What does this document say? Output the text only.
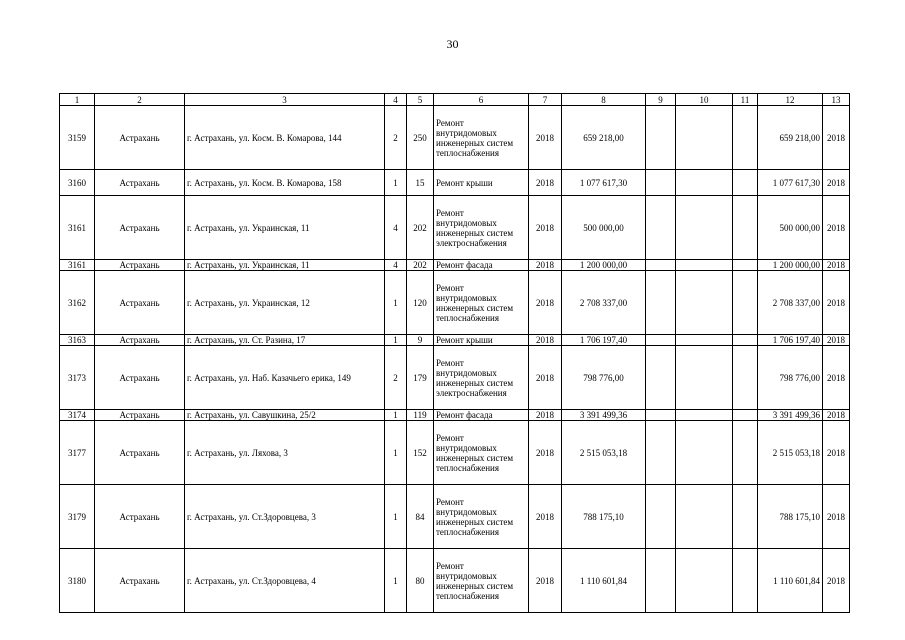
30
1	2	3	4	5	6	7	8	9	10	11	12	13
3159	Астрахань	г. Астрахань, ул. Косм. В. Комарова, 144	2	250	Ремонт внутридомовых инженерных систем теплоснабжения	2018	659 218,00				659 218,00	2018
3160	Астрахань	г. Астрахань, ул. Косм. В. Комарова, 158	1	15	Ремонт крыши	2018	1 077 617,30				1 077 617,30	2018
3161	Астрахань	г. Астрахань, ул. Украинская, 11	4	202	Ремонт внутридомовых инженерных систем электроснабжения	2018	500 000,00				500 000,00	2018
3161	Астрахань	г. Астрахань, ул. Украинская, 11	4	202	Ремонт фасада	2018	1 200 000,00				1 200 000,00	2018
3162	Астрахань	г. Астрахань, ул. Украинская, 12	1	120	Ремонт внутридомовых инженерных систем теплоснабжения	2018	2 708 337,00				2 708 337,00	2018
3163	Астрахань	г. Астрахань, ул. Ст. Разина, 17	1	9	Ремонт крыши	2018	1 706 197,40				1 706 197,40	2018
3173	Астрахань	г. Астрахань, ул. Наб. Казачьего ерика, 149	2	179	Ремонт внутридомовых инженерных систем электроснабжения	2018	798 776,00				798 776,00	2018
3174	Астрахань	г. Астрахань, ул. Савушкина, 25/2	1	119	Ремонт фасада	2018	3 391 499,36				3 391 499,36	2018
3177	Астрахань	г. Астрахань, ул. Ляхова, 3	1	152	Ремонт внутридомовых инженерных систем теплоснабжения	2018	2 515 053,18				2 515 053,18	2018
3179	Астрахань	г. Астрахань, ул. Ст.Здоровцева, 3	1	84	Ремонт внутридомовых инженерных систем теплоснабжения	2018	788 175,10				788 175,10	2018
3180	Астрахань	г. Астрахань, ул. Ст.Здоровцева, 4	1	80	Ремонт внутридомовых инженерных систем теплоснабжения	2018	1 110 601,84				1 110 601,84	2018
